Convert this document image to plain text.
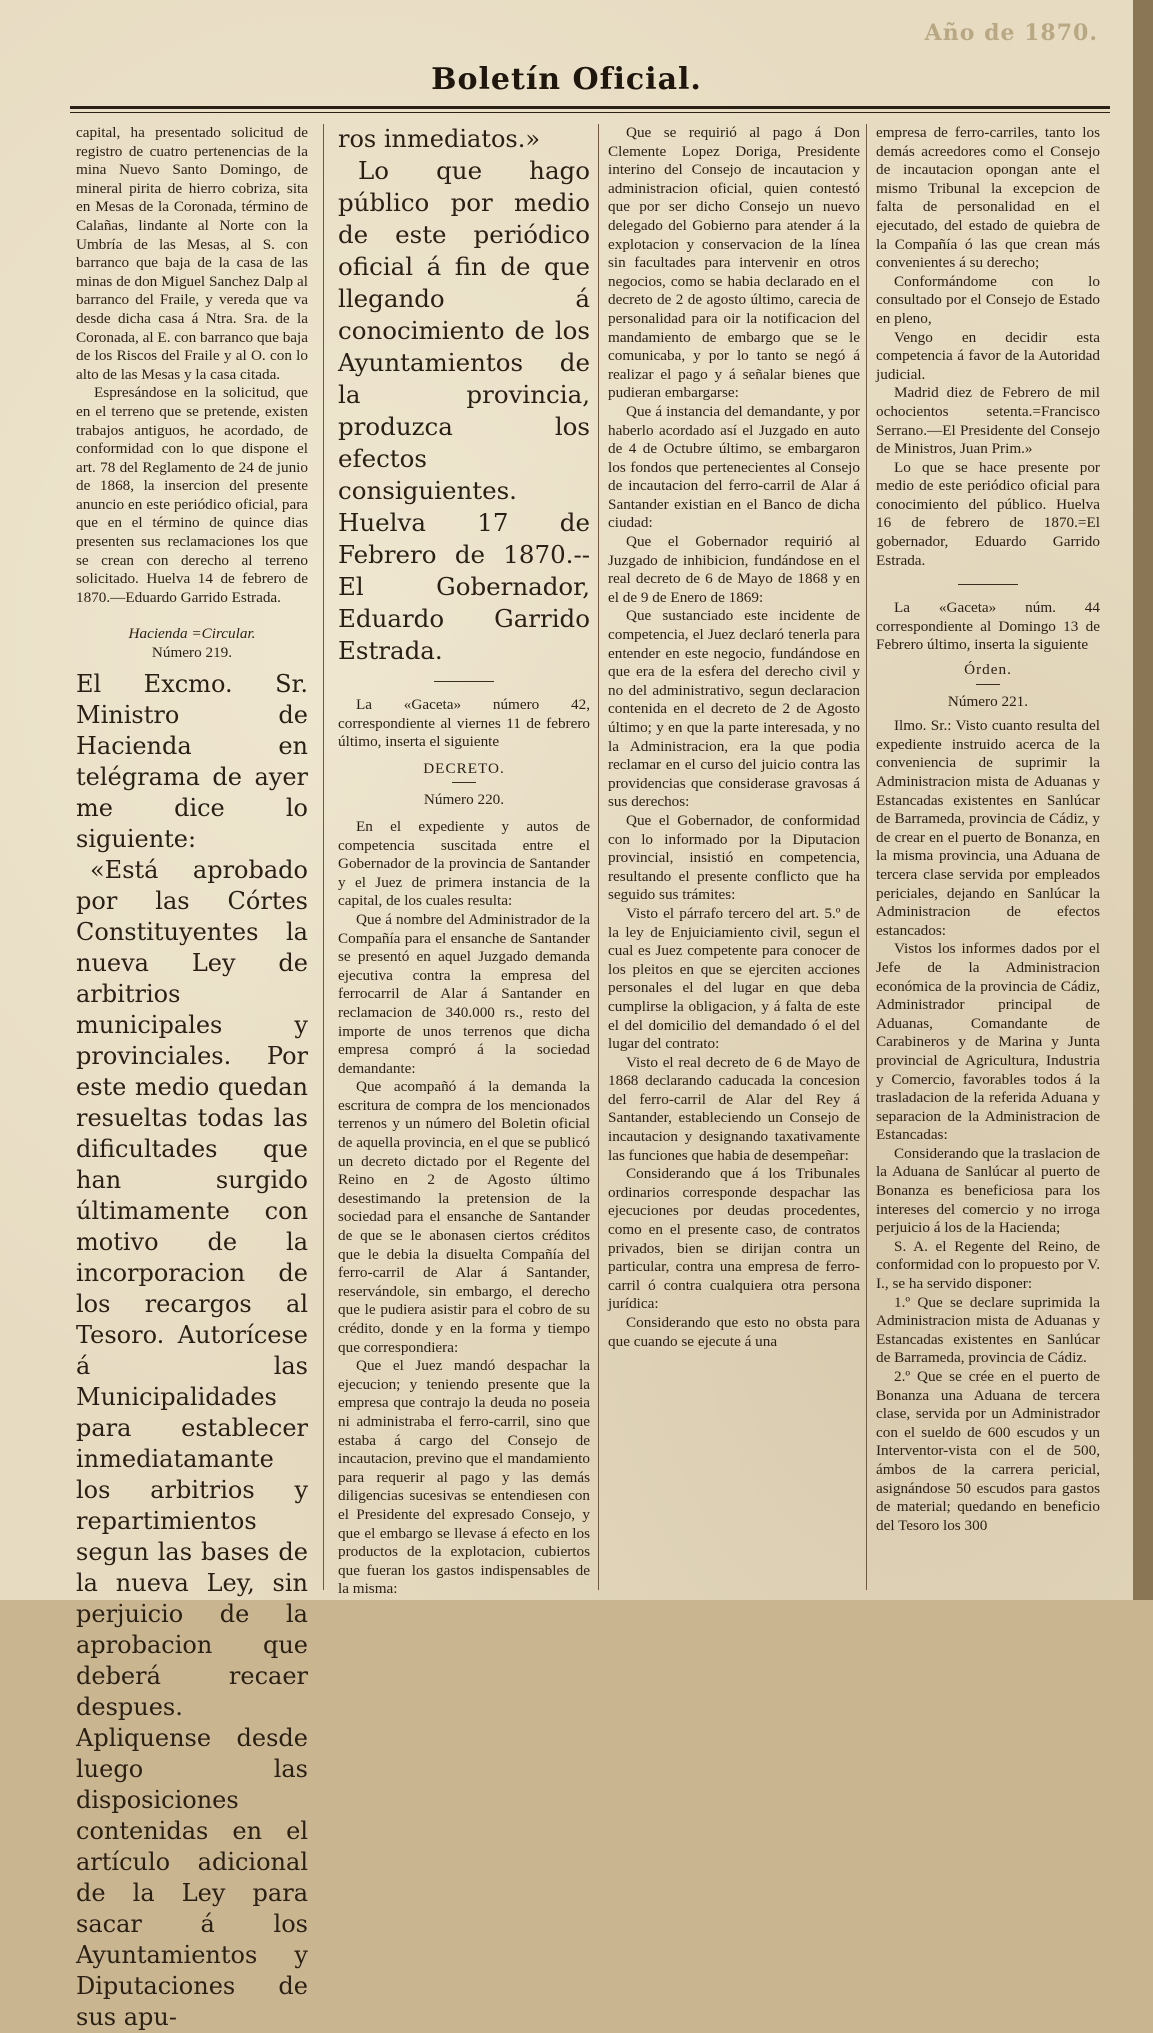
Año de 1870.
Boletín Oficial.

capital, ha presentado solicitud de registro de cuatro pertenencias de la mina Nuevo Santo Domingo, de mineral pirita de hierro cobriza, sita en Mesas de la Coronada, término de Calañas, lindante al Norte con la Umbría de las Mesas, al S. con barranco que baja de la casa de las minas de don Miguel Sanchez Dalp al barranco del Fraile, y vereda que va desde dicha casa á Ntra. Sra. de la Coronada, al E. con barranco que baja de los Riscos del Fraile y al O. con lo alto de las Mesas y la casa citada.

Espresándose en la solicitud, que en el terreno que se pretende, existen trabajos antiguos, he acordado, de conformidad con lo que dispone el art. 78 del Reglamento de 24 de junio de 1868, la insercion del presente anuncio en este periódico oficial, para que en el término de quince dias presenten sus reclamaciones los que se crean con derecho al terreno solicitado. Huelva 14 de febrero de 1870.—Eduardo Garrido Estrada.

Hacienda =Circular.

Número 219.

El Excmo. Sr. Ministro de Hacienda en telégrama de ayer me dice lo siguiente:

«Está aprobado por las Córtes Constituyentes la nueva Ley de arbitrios municipales y provinciales. Por este medio quedan resueltas todas las dificultades que han surgido últimamente con motivo de la incorporacion de los recargos al Tesoro. Autorícese á las Municipalidades para establecer inmediatamante los arbitrios y repartimientos segun las bases de la nueva Ley, sin perjuicio de la aprobacion que deberá recaer despues. Apliquense desde luego las disposiciones contenidas en el artículo adicional de la Ley para sacar á los Ayuntamientos y Diputaciones de sus apu-

ros inmediatos.»

Lo que hago público por medio de este periódico oficial á fin de que llegando á conocimiento de los Ayuntamientos de la provincia, produzca los efectos consiguientes. Huelva 17 de Febrero de 1870.--El Gobernador, Eduardo Garrido Estrada.

La «Gaceta» número 42, correspondiente al viernes 11 de febrero último, inserta el siguiente

DECRETO.

Número 220.

En el expediente y autos de competencia suscitada entre el Gobernador de la provincia de Santander y el Juez de primera instancia de la capital, de los cuales resulta:

Que á nombre del Administrador de la Compañía para el ensanche de Santander se presentó en aquel Juzgado demanda ejecutiva contra la empresa del ferrocarril de Alar á Santander en reclamacion de 340.000 rs., resto del importe de unos terrenos que dicha empresa compró á la sociedad demandante:

Que acompañó á la demanda la escritura de compra de los mencionados terrenos y un número del Boletin oficial de aquella provincia, en el que se publicó un decreto dictado por el Regente del Reino en 2 de Agosto último desestimando la pretension de la sociedad para el ensanche de Santander de que se le abonasen ciertos créditos que le debia la disuelta Compañía del ferro-carril de Alar á Santander, reservándole, sin embargo, el derecho que le pudiera asistir para el cobro de su crédito, donde y en la forma y tiempo que correspondiera:

Que el Juez mandó despachar la ejecucion; y teniendo presente que la empresa que contrajo la deuda no poseia ni administraba el ferro-carril, sino que estaba á cargo del Consejo de incautacion, previno que el mandamiento para requerir al pago y las demás diligencias sucesivas se entendiesen con el Presidente del expresado Consejo, y que el embargo se llevase á efecto en los productos de la explotacion, cubiertos que fueran los gastos indispensables de la misma:

Que se requirió al pago á Don Clemente Lopez Doriga, Presidente interino del Consejo de incautacion y administracion oficial, quien contestó que por ser dicho Consejo un nuevo delegado del Gobierno para atender á la explotacion y conservacion de la línea sin facultades para intervenir en otros negocios, como se habia declarado en el decreto de 2 de agosto último, carecia de personalidad para oir la notificacion del mandamiento de embargo que se le comunicaba, y por lo tanto se negó á realizar el pago y á señalar bienes que pudieran embargarse:

Que á instancia del demandante, y por haberlo acordado así el Juzgado en auto de 4 de Octubre último, se embargaron los fondos que pertenecientes al Consejo de incautacion del ferro-carril de Alar á Santander existian en el Banco de dicha ciudad:

Que el Gobernador requirió al Juzgado de inhibicion, fundándose en el real decreto de 6 de Mayo de 1868 y en el de 9 de Enero de 1869:

Que sustanciado este incidente de competencia, el Juez declaró tenerla para entender en este negocio, fundándose en que era de la esfera del derecho civil y no del administrativo, segun declaracion contenida en el decreto de 2 de Agosto último; y en que la parte interesada, y no la Administracion, era la que podia reclamar en el curso del juicio contra las providencias que considerase gravosas á sus derechos:

Que el Gobernador, de conformidad con lo informado por la Diputacion provincial, insistió en competencia, resultando el presente conflicto que ha seguido sus trámites:

Visto el párrafo tercero del art. 5.º de la ley de Enjuiciamiento civil, segun el cual es Juez competente para conocer de los pleitos en que se ejerciten acciones personales el del lugar en que deba cumplirse la obligacion, y á falta de este el del domicilio del demandado ó el del lugar del contrato:

Visto el real decreto de 6 de Mayo de 1868 declarando caducada la concesion del ferro-carril de Alar del Rey á Santander, estableciendo un Consejo de incautacion y designando taxativamente las funciones que habia de desempeñar:

Considerando que á los Tribunales ordinarios corresponde despachar las ejecuciones por deudas procedentes, como en el presente caso, de contratos privados, bien se dirijan contra un particular, contra una empresa de ferro-carril ó contra cualquiera otra persona jurídica:

Considerando que esto no obsta para que cuando se ejecute á una

empresa de ferro-carriles, tanto los demás acreedores como el Consejo de incautacion opongan ante el mismo Tribunal la excepcion de falta de personalidad en el ejecutado, del estado de quiebra de la Compañía ó las que crean más convenientes á su derecho;

Conformándome con lo consultado por el Consejo de Estado en pleno,

Vengo en decidir esta competencia á favor de la Autoridad judicial.

Madrid diez de Febrero de mil ochocientos setenta.=Francisco Serrano.—El Presidente del Consejo de Ministros, Juan Prim.»

Lo que se hace presente por medio de este periódico oficial para conocimiento del público. Huelva 16 de febrero de 1870.=El gobernador, Eduardo Garrido Estrada.

La «Gaceta» núm. 44 correspondiente al Domingo 13 de Febrero último, inserta la siguiente

Órden.

Número 221.

Ilmo. Sr.: Visto cuanto resulta del expediente instruido acerca de la conveniencia de suprimir la Administracion mista de Aduanas y Estancadas existentes en Sanlúcar de Barrameda, provincia de Cádiz, y de crear en el puerto de Bonanza, en la misma provincia, una Aduana de tercera clase servida por empleados periciales, dejando en Sanlúcar la Administracion de efectos estancados:

Vistos los informes dados por el Jefe de la Administracion económica de la provincia de Cádiz, Administrador principal de Aduanas, Comandante de Carabineros y de Marina y Junta provincial de Agricultura, Industria y Comercio, favorables todos á la trasladacion de la referida Aduana y separacion de la Administracion de Estancadas:

Considerando que la traslacion de la Aduana de Sanlúcar al puerto de Bonanza es beneficiosa para los intereses del comercio y no irroga perjuicio á los de la Hacienda;

S. A. el Regente del Reino, de conformidad con lo propuesto por V. I., se ha servido disponer:

1.º Que se declare suprimida la Administracion mista de Aduanas y Estancadas existentes en Sanlúcar de Barrameda, provincia de Cádiz.

2.º Que se crée en el puerto de Bonanza una Aduana de tercera clase, servida por un Administrador con el sueldo de 600 escudos y un Interventor-vista con el de 500, ámbos de la carrera pericial, asignándose 50 escudos para gastos de material; quedando en beneficio del Tesoro los 300
